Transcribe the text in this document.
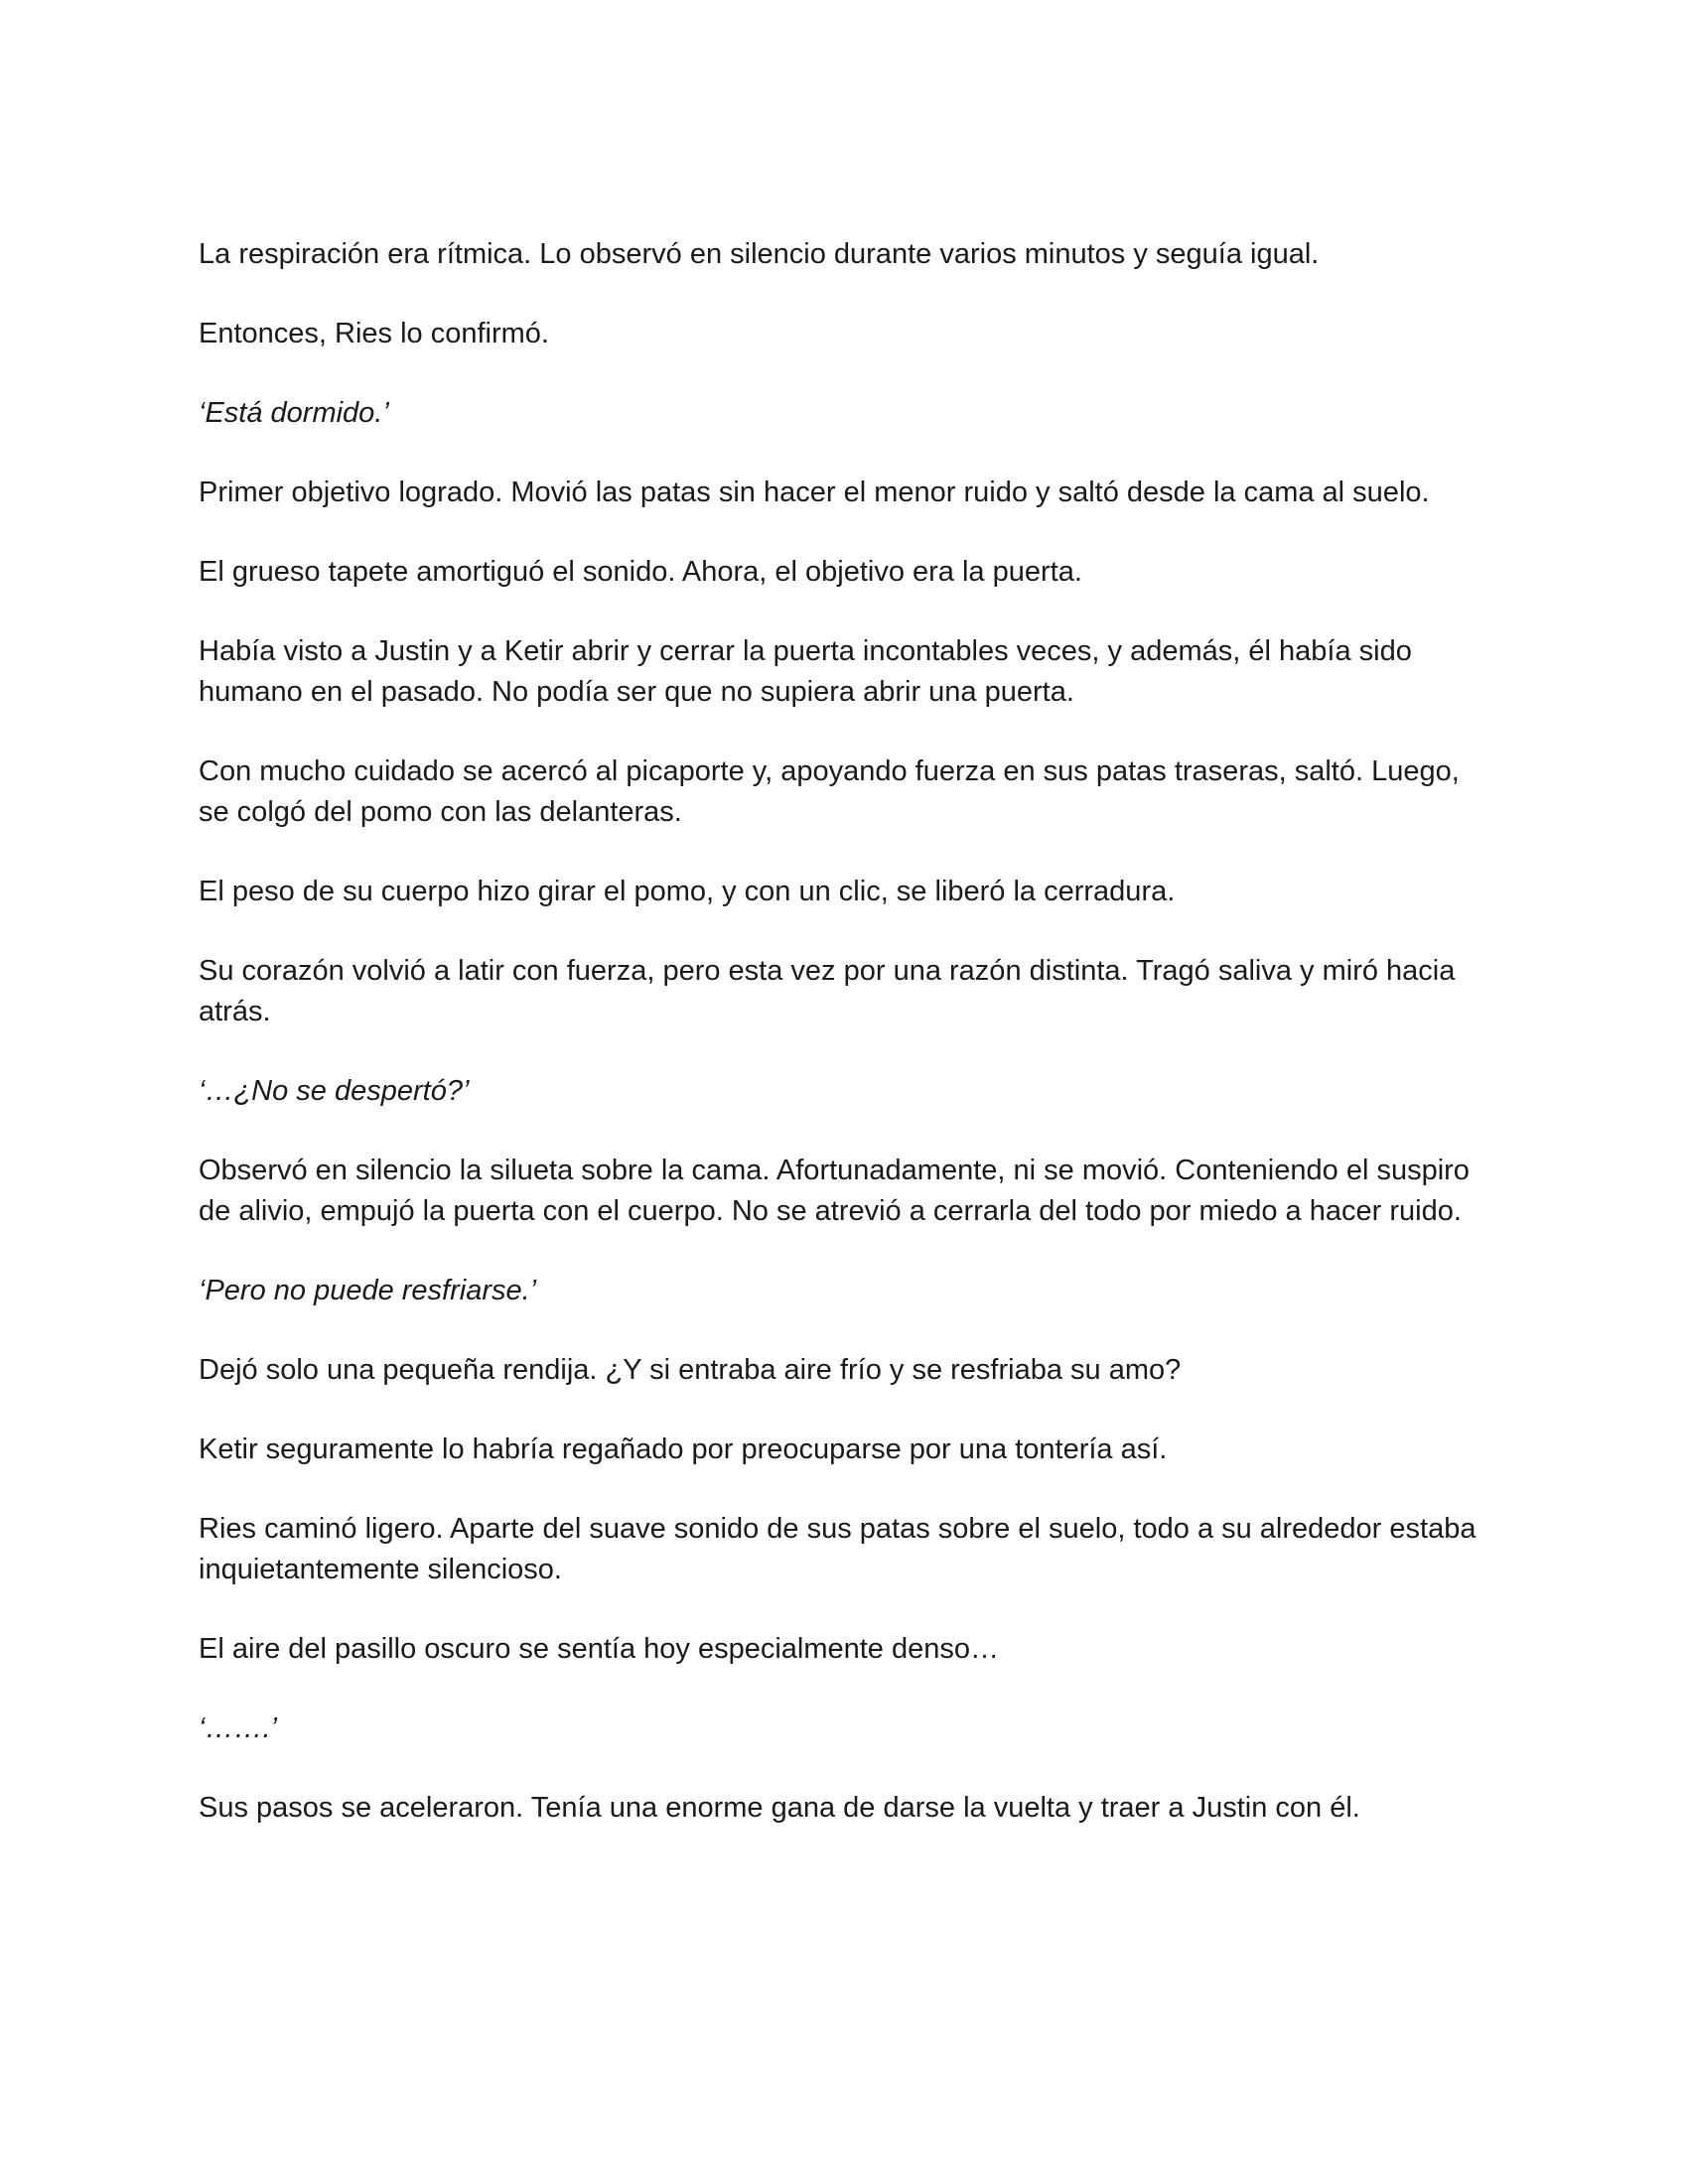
La respiración era rítmica. Lo observó en silencio durante varios minutos y seguía igual.

Entonces, Ries lo confirmó.

‘Está dormido.’

Primer objetivo logrado. Movió las patas sin hacer el menor ruido y saltó desde la cama al suelo.

El grueso tapete amortiguó el sonido. Ahora, el objetivo era la puerta.

Había visto a Justin y a Ketir abrir y cerrar la puerta incontables veces, y además, él había sido humano en el pasado. No podía ser que no supiera abrir una puerta.

Con mucho cuidado se acercó al picaporte y, apoyando fuerza en sus patas traseras, saltó. Luego, se colgó del pomo con las delanteras.

El peso de su cuerpo hizo girar el pomo, y con un clic, se liberó la cerradura.

Su corazón volvió a latir con fuerza, pero esta vez por una razón distinta. Tragó saliva y miró hacia atrás.

‘…¿No se despertó?’

Observó en silencio la silueta sobre la cama. Afortunadamente, ni se movió. Conteniendo el suspiro de alivio, empujó la puerta con el cuerpo. No se atrevió a cerrarla del todo por miedo a hacer ruido.

‘Pero no puede resfriarse.’

Dejó solo una pequeña rendija. ¿Y si entraba aire frío y se resfriaba su amo?

Ketir seguramente lo habría regañado por preocuparse por una tontería así.

Ries caminó ligero. Aparte del suave sonido de sus patas sobre el suelo, todo a su alrededor estaba inquietantemente silencioso.

El aire del pasillo oscuro se sentía hoy especialmente denso…

‘…….’

Sus pasos se aceleraron. Tenía una enorme gana de darse la vuelta y traer a Justin con él.
